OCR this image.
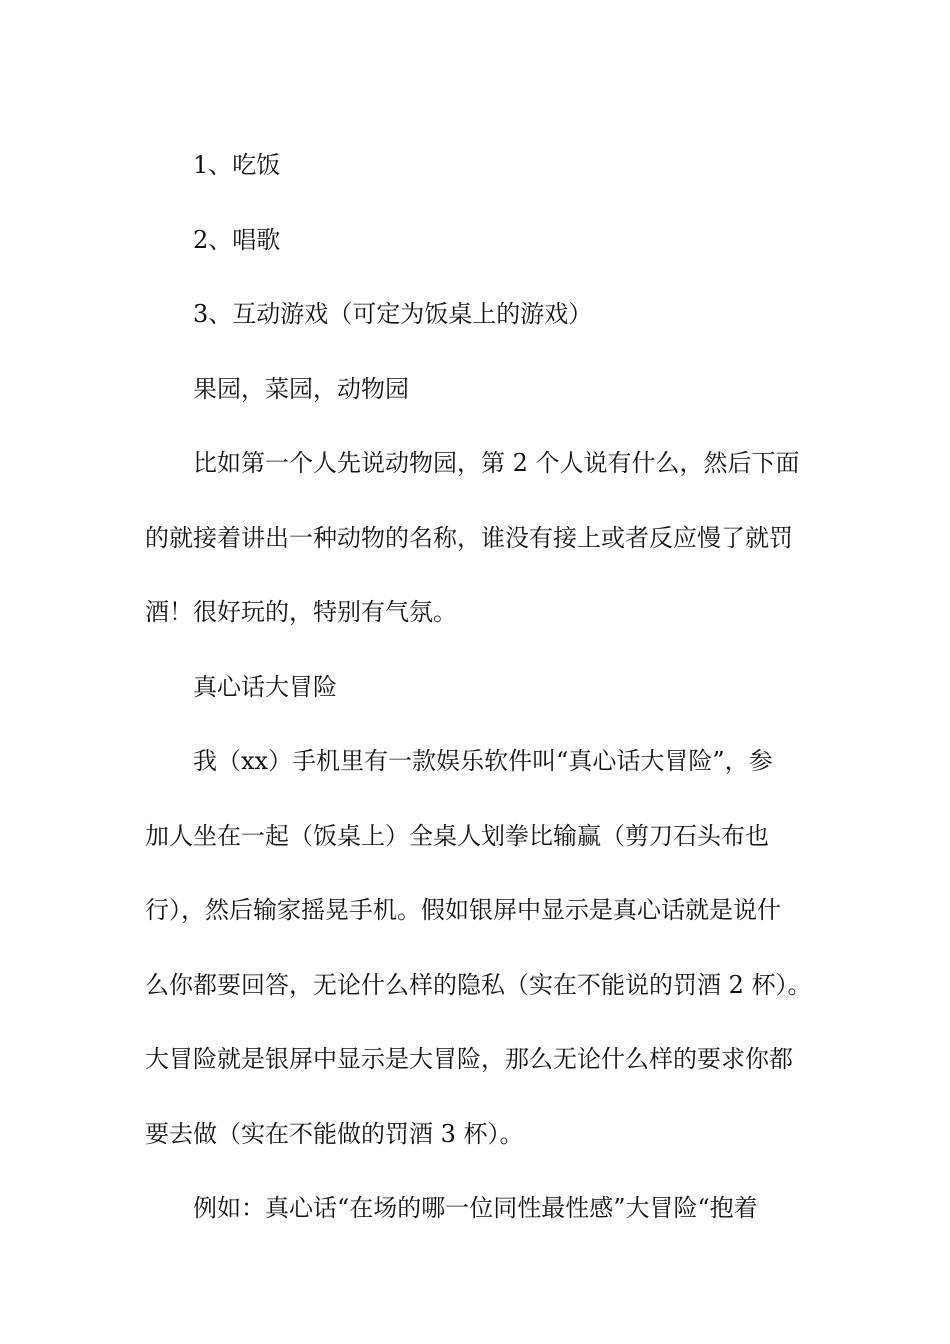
1、吃饭

2、唱歌

3、互动游戏（可定为饭桌上的游戏）

果园，菜园，动物园

比如第一个人先说动物园，第 2 个人说有什么，然后下面
的就接着讲出一种动物的名称，谁没有接上或者反应慢了就罚
酒！很好玩的，特别有气氛。

真心话大冒险

我（xx）手机里有一款娱乐软件叫“真心话大冒险”，参
加人坐在一起（饭桌上）全桌人划拳比输赢（剪刀石头布也
行），然后输家摇晃手机。假如银屏中显示是真心话就是说什
么你都要回答，无论什么样的隐私（实在不能说的罚酒 2 杯）。
大冒险就是银屏中显示是大冒险，那么无论什么样的要求你都
要去做（实在不能做的罚酒 3 杯）。

例如：真心话“在场的哪一位同性最性感”大冒险“抱着
